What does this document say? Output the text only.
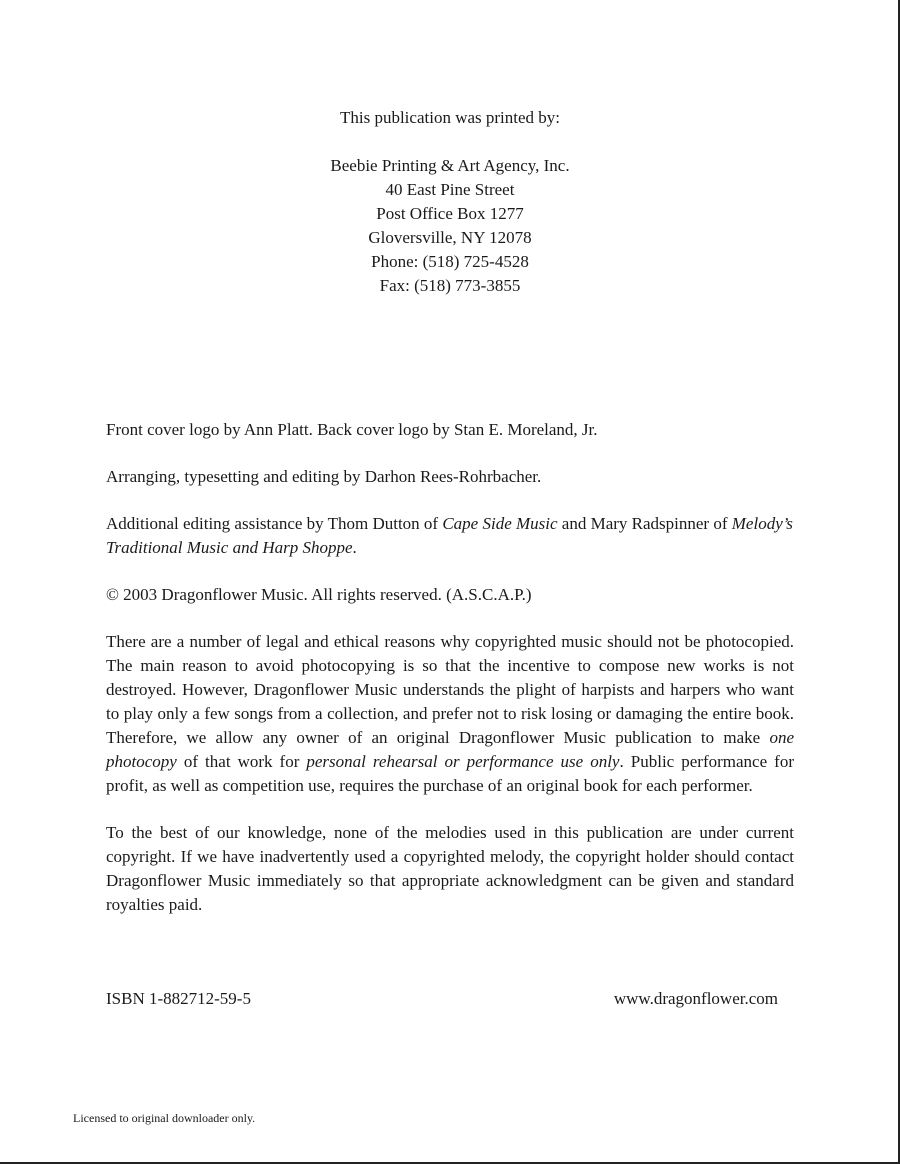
This publication was printed by:
Beebie Printing & Art Agency, Inc.
40 East Pine Street
Post Office Box 1277
Gloversville, NY 12078
Phone: (518) 725-4528
Fax: (518) 773-3855

Front cover logo by Ann Platt. Back cover logo by Stan E. Moreland, Jr.

Arranging, typesetting and editing by Darhon Rees-Rohrbacher.

Additional editing assistance by Thom Dutton of Cape Side Music and Mary Radspinner of Melody’s Traditional Music and Harp Shoppe.

© 2003 Dragonflower Music. All rights reserved. (A.S.C.A.P.)

There are a number of legal and ethical reasons why copyrighted music should not be photocopied. The main reason to avoid photocopying is so that the incentive to compose new works is not destroyed. However, Dragonflower Music understands the plight of harpists and harpers who want to play only a few songs from a collection, and prefer not to risk losing or damaging the entire book. Therefore, we allow any owner of an original Dragonflower Music publication to make one photocopy of that work for personal rehearsal or performance use only. Public performance for profit, as well as competition use, requires the purchase of an original book for each performer.

To the best of our knowledge, none of the melodies used in this publication are under current copyright. If we have inadvertently used a copyrighted melody, the copyright holder should contact Dragonflower Music immediately so that appropriate acknowledgment can be given and standard royalties paid.

ISBN 1-882712-59-5	www.dragonflower.com
Licensed to original downloader only.
